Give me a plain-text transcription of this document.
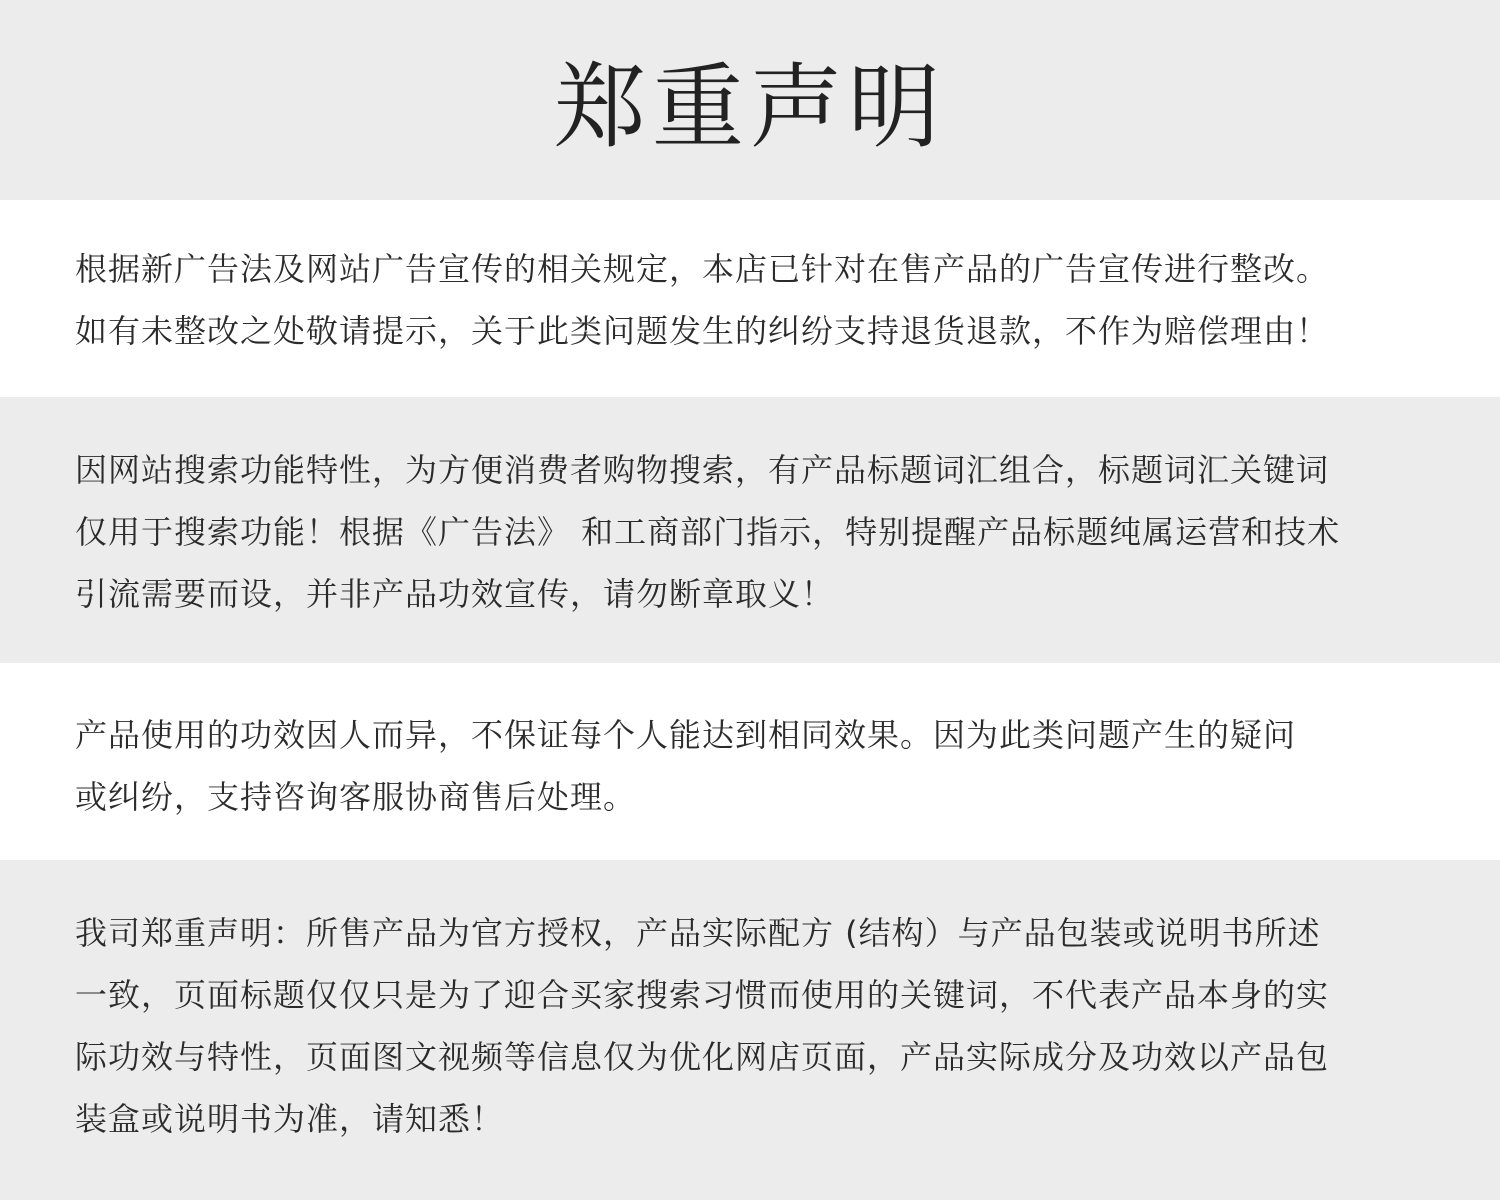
郑重声明

根据新广告法及网站广告宣传的相关规定，本店已针对在售产品的广告宣传进行整改。
如有未整改之处敬请提示，关于此类问题发生的纠纷支持退货退款，不作为赔偿理由！

因网站搜索功能特性，为方便消费者购物搜索，有产品标题词汇组合，标题词汇关键词
仅用于搜索功能！根据《广告法》 和工商部门指示，特别提醒产品标题纯属运营和技术
引流需要而设，并非产品功效宣传，请勿断章取义！

产品使用的功效因人而异，不保证每个人能达到相同效果。因为此类问题产生的疑问
或纠纷，支持咨询客服协商售后处理。

我司郑重声明：所售产品为官方授权，产品实际配方 (结构）与产品包装或说明书所述
一致，页面标题仅仅只是为了迎合买家搜索习惯而使用的关键词，不代表产品本身的实
际功效与特性，页面图文视频等信息仅为优化网店页面，产品实际成分及功效以产品包
装盒或说明书为准，请知悉！
